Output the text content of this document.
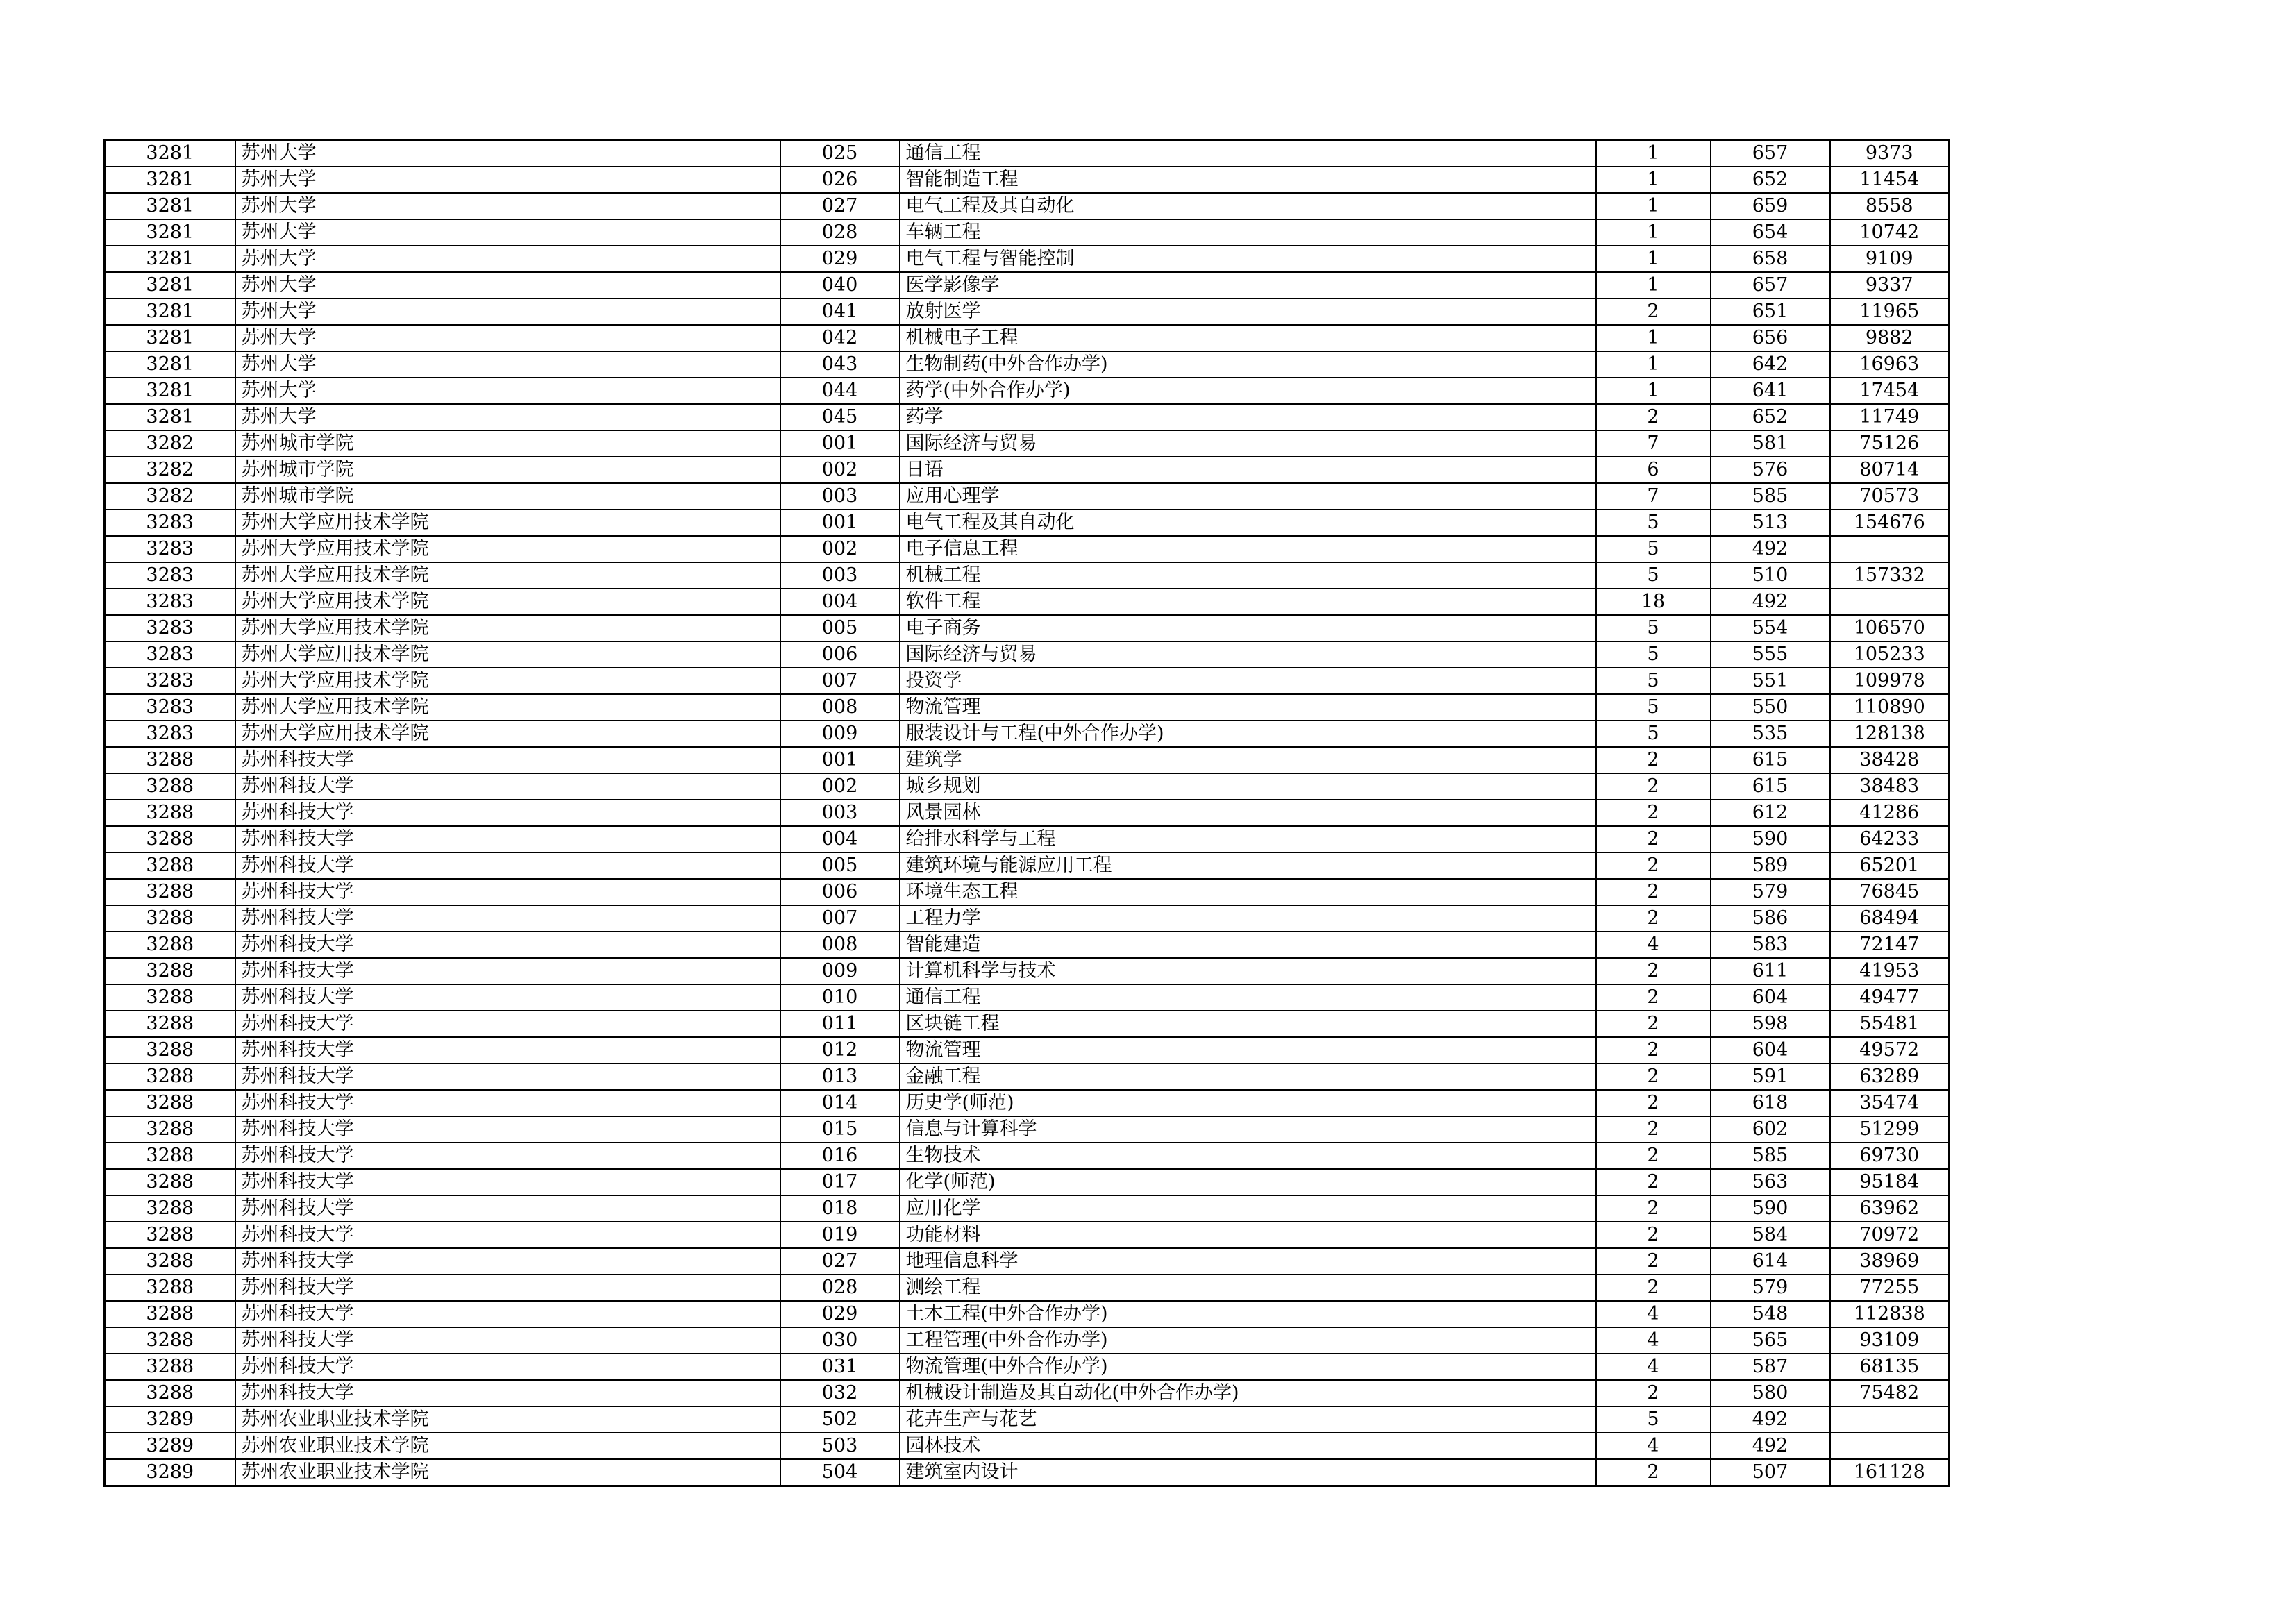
3281	苏州大学	025	通信工程	1	657	9373
3281	苏州大学	026	智能制造工程	1	652	11454
3281	苏州大学	027	电气工程及其自动化	1	659	8558
3281	苏州大学	028	车辆工程	1	654	10742
3281	苏州大学	029	电气工程与智能控制	1	658	9109
3281	苏州大学	040	医学影像学	1	657	9337
3281	苏州大学	041	放射医学	2	651	11965
3281	苏州大学	042	机械电子工程	1	656	9882
3281	苏州大学	043	生物制药(中外合作办学)	1	642	16963
3281	苏州大学	044	药学(中外合作办学)	1	641	17454
3281	苏州大学	045	药学	2	652	11749
3282	苏州城市学院	001	国际经济与贸易	7	581	75126
3282	苏州城市学院	002	日语	6	576	80714
3282	苏州城市学院	003	应用心理学	7	585	70573
3283	苏州大学应用技术学院	001	电气工程及其自动化	5	513	154676
3283	苏州大学应用技术学院	002	电子信息工程	5	492	
3283	苏州大学应用技术学院	003	机械工程	5	510	157332
3283	苏州大学应用技术学院	004	软件工程	18	492	
3283	苏州大学应用技术学院	005	电子商务	5	554	106570
3283	苏州大学应用技术学院	006	国际经济与贸易	5	555	105233
3283	苏州大学应用技术学院	007	投资学	5	551	109978
3283	苏州大学应用技术学院	008	物流管理	5	550	110890
3283	苏州大学应用技术学院	009	服装设计与工程(中外合作办学)	5	535	128138
3288	苏州科技大学	001	建筑学	2	615	38428
3288	苏州科技大学	002	城乡规划	2	615	38483
3288	苏州科技大学	003	风景园林	2	612	41286
3288	苏州科技大学	004	给排水科学与工程	2	590	64233
3288	苏州科技大学	005	建筑环境与能源应用工程	2	589	65201
3288	苏州科技大学	006	环境生态工程	2	579	76845
3288	苏州科技大学	007	工程力学	2	586	68494
3288	苏州科技大学	008	智能建造	4	583	72147
3288	苏州科技大学	009	计算机科学与技术	2	611	41953
3288	苏州科技大学	010	通信工程	2	604	49477
3288	苏州科技大学	011	区块链工程	2	598	55481
3288	苏州科技大学	012	物流管理	2	604	49572
3288	苏州科技大学	013	金融工程	2	591	63289
3288	苏州科技大学	014	历史学(师范)	2	618	35474
3288	苏州科技大学	015	信息与计算科学	2	602	51299
3288	苏州科技大学	016	生物技术	2	585	69730
3288	苏州科技大学	017	化学(师范)	2	563	95184
3288	苏州科技大学	018	应用化学	2	590	63962
3288	苏州科技大学	019	功能材料	2	584	70972
3288	苏州科技大学	027	地理信息科学	2	614	38969
3288	苏州科技大学	028	测绘工程	2	579	77255
3288	苏州科技大学	029	土木工程(中外合作办学)	4	548	112838
3288	苏州科技大学	030	工程管理(中外合作办学)	4	565	93109
3288	苏州科技大学	031	物流管理(中外合作办学)	4	587	68135
3288	苏州科技大学	032	机械设计制造及其自动化(中外合作办学)	2	580	75482
3289	苏州农业职业技术学院	502	花卉生产与花艺	5	492	
3289	苏州农业职业技术学院	503	园林技术	4	492	
3289	苏州农业职业技术学院	504	建筑室内设计	2	507	161128
